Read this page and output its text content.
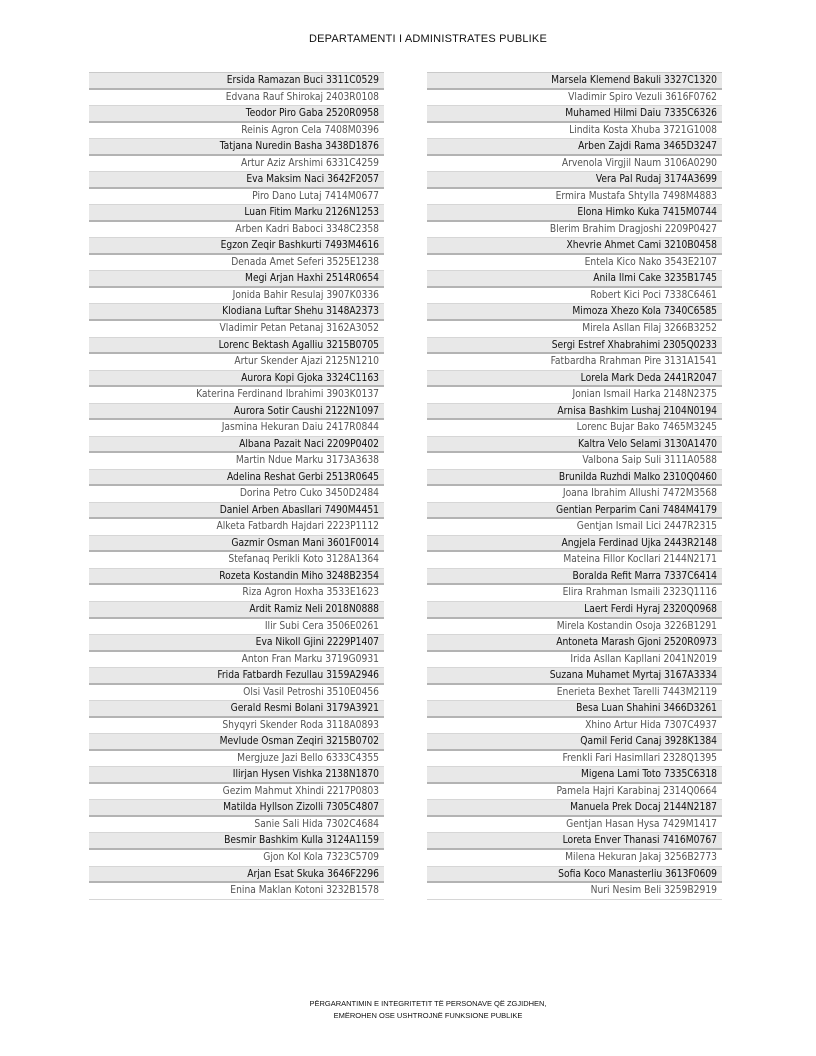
DEPARTAMENTI I ADMINISTRATES PUBLIKE
Ersida Ramazan Buci 3311C0529
Edvana Rauf Shirokaj 2403R0108
Teodor Piro Gaba 2520R0958
Reinis Agron Cela 7408M0396
Tatjana Nuredin Basha 3438D1876
Artur Aziz Arshimi 6331C4259
Eva Maksim Naci 3642F2057
Piro Dano Lutaj 7414M0677
Luan Fitim Marku 2126N1253
Arben Kadri Baboci 3348C2358
Egzon Zeqir Bashkurti 7493M4616
Denada Amet Seferi 3525E1238
Megi Arjan Haxhi 2514R0654
Jonida Bahir Resulaj 3907K0336
Klodiana Luftar Shehu 3148A2373
Vladimir Petan Petanaj 3162A3052
Lorenc Bektash Agalliu 3215B0705
Artur Skender Ajazi 2125N1210
Aurora Kopi Gjoka 3324C1163
Katerina Ferdinand Ibrahimi 3903K0137
Aurora Sotir Caushi 2122N1097
Jasmina Hekuran Daiu 2417R0844
Albana Pazait Naci 2209P0402
Martin Ndue Marku 3173A3638
Adelina Reshat Gerbi 2513R0645
Dorina Petro Cuko 3450D2484
Daniel Arben Abasllari 7490M4451
Alketa Fatbardh Hajdari 2223P1112
Gazmir Osman Mani 3601F0014
Stefanaq Perikli Koto 3128A1364
Rozeta Kostandin Miho 3248B2354
Riza Agron Hoxha 3533E1623
Ardit Ramiz Neli 2018N0888
Ilir Subi Cera 3506E0261
Eva Nikoll Gjini 2229P1407
Anton Fran Marku 3719G0931
Frida Fatbardh Fezullau 3159A2946
Olsi Vasil Petroshi 3510E0456
Gerald Resmi Bolani 3179A3921
Shyqyri Skender Roda 3118A0893
Mevlude Osman Zeqiri 3215B0702
Mergjuze Jazi Bello 6333C4355
Ilirjan Hysen Vishka 2138N1870
Gezim Mahmut Xhindi 2217P0803
Matilda Hyllson Zizolli 7305C4807
Sanie Sali Hida 7302C4684
Besmir Bashkim Kulla 3124A1159
Gjon Kol Kola 7323C5709
Arjan Esat Skuka 3646F2296
Enina Maklan Kotoni 3232B1578
Marsela Klemend Bakuli 3327C1320
Vladimir Spiro Vezuli 3616F0762
Muhamed Hilmi Daiu 7335C6326
Lindita Kosta Xhuba 3721G1008
Arben Zajdi Rama 3465D3247
Arvenola Virgjil Naum 3106A0290
Vera Pal Rudaj 3174A3699
Ermira Mustafa Shtylla 7498M4883
Elona Himko Kuka 7415M0744
Blerim Brahim Dragjoshi 2209P0427
Xhevrie Ahmet Cami 3210B0458
Entela Kico Nako 3543E2107
Anila Ilmi Cake 3235B1745
Robert Kici Poci 7338C6461
Mimoza Xhezo Kola 7340C6585
Mirela Asllan Filaj 3266B3252
Sergi Estref Xhabrahimi 2305Q0233
Fatbardha Rrahman Pire 3131A1541
Lorela Mark Deda 2441R2047
Jonian Ismail Harka 2148N2375
Arnisa Bashkim Lushaj 2104N0194
Lorenc Bujar Bako 7465M3245
Kaltra Velo Selami 3130A1470
Valbona Saip Suli 3111A0588
Brunilda Ruzhdi Malko 2310Q0460
Joana Ibrahim Allushi 7472M3568
Gentian Perparim Cani 7484M4179
Gentjan Ismail Lici 2447R2315
Angjela Ferdinad Ujka 2443R2148
Mateina Fillor Kocllari 2144N2171
Boralda Refit Marra 7337C6414
Elira Rrahman Ismaili 2323Q1116
Laert Ferdi Hyraj 2320Q0968
Mirela Kostandin Osoja 3226B1291
Antoneta Marash Gjoni 2520R0973
Irida Asllan Kapllani 2041N2019
Suzana Muhamet Myrtaj 3167A3334
Enerieta Bexhet Tarelli 7443M2119
Besa Luan Shahini 3466D3261
Xhino Artur Hida 7307C4937
Qamil Ferid Canaj 3928K1384
Frenkli Fari Hasimllari 2328Q1395
Migena Lami Toto 7335C6318
Pamela Hajri Karabinaj 2314Q0664
Manuela Prek Docaj 2144N2187
Gentjan Hasan Hysa 7429M1417
Loreta Enver Thanasi 7416M0767
Milena Hekuran Jakaj 3256B2773
Sofia Koco Manasterliu 3613F0609
Nuri Nesim Beli 3259B2919
PËRGARANTIMIN E INTEGRITETIT TË PERSONAVE QË ZGJIDHEN,
EMËROHEN OSE USHTROJNË FUNKSIONE PUBLIKE
